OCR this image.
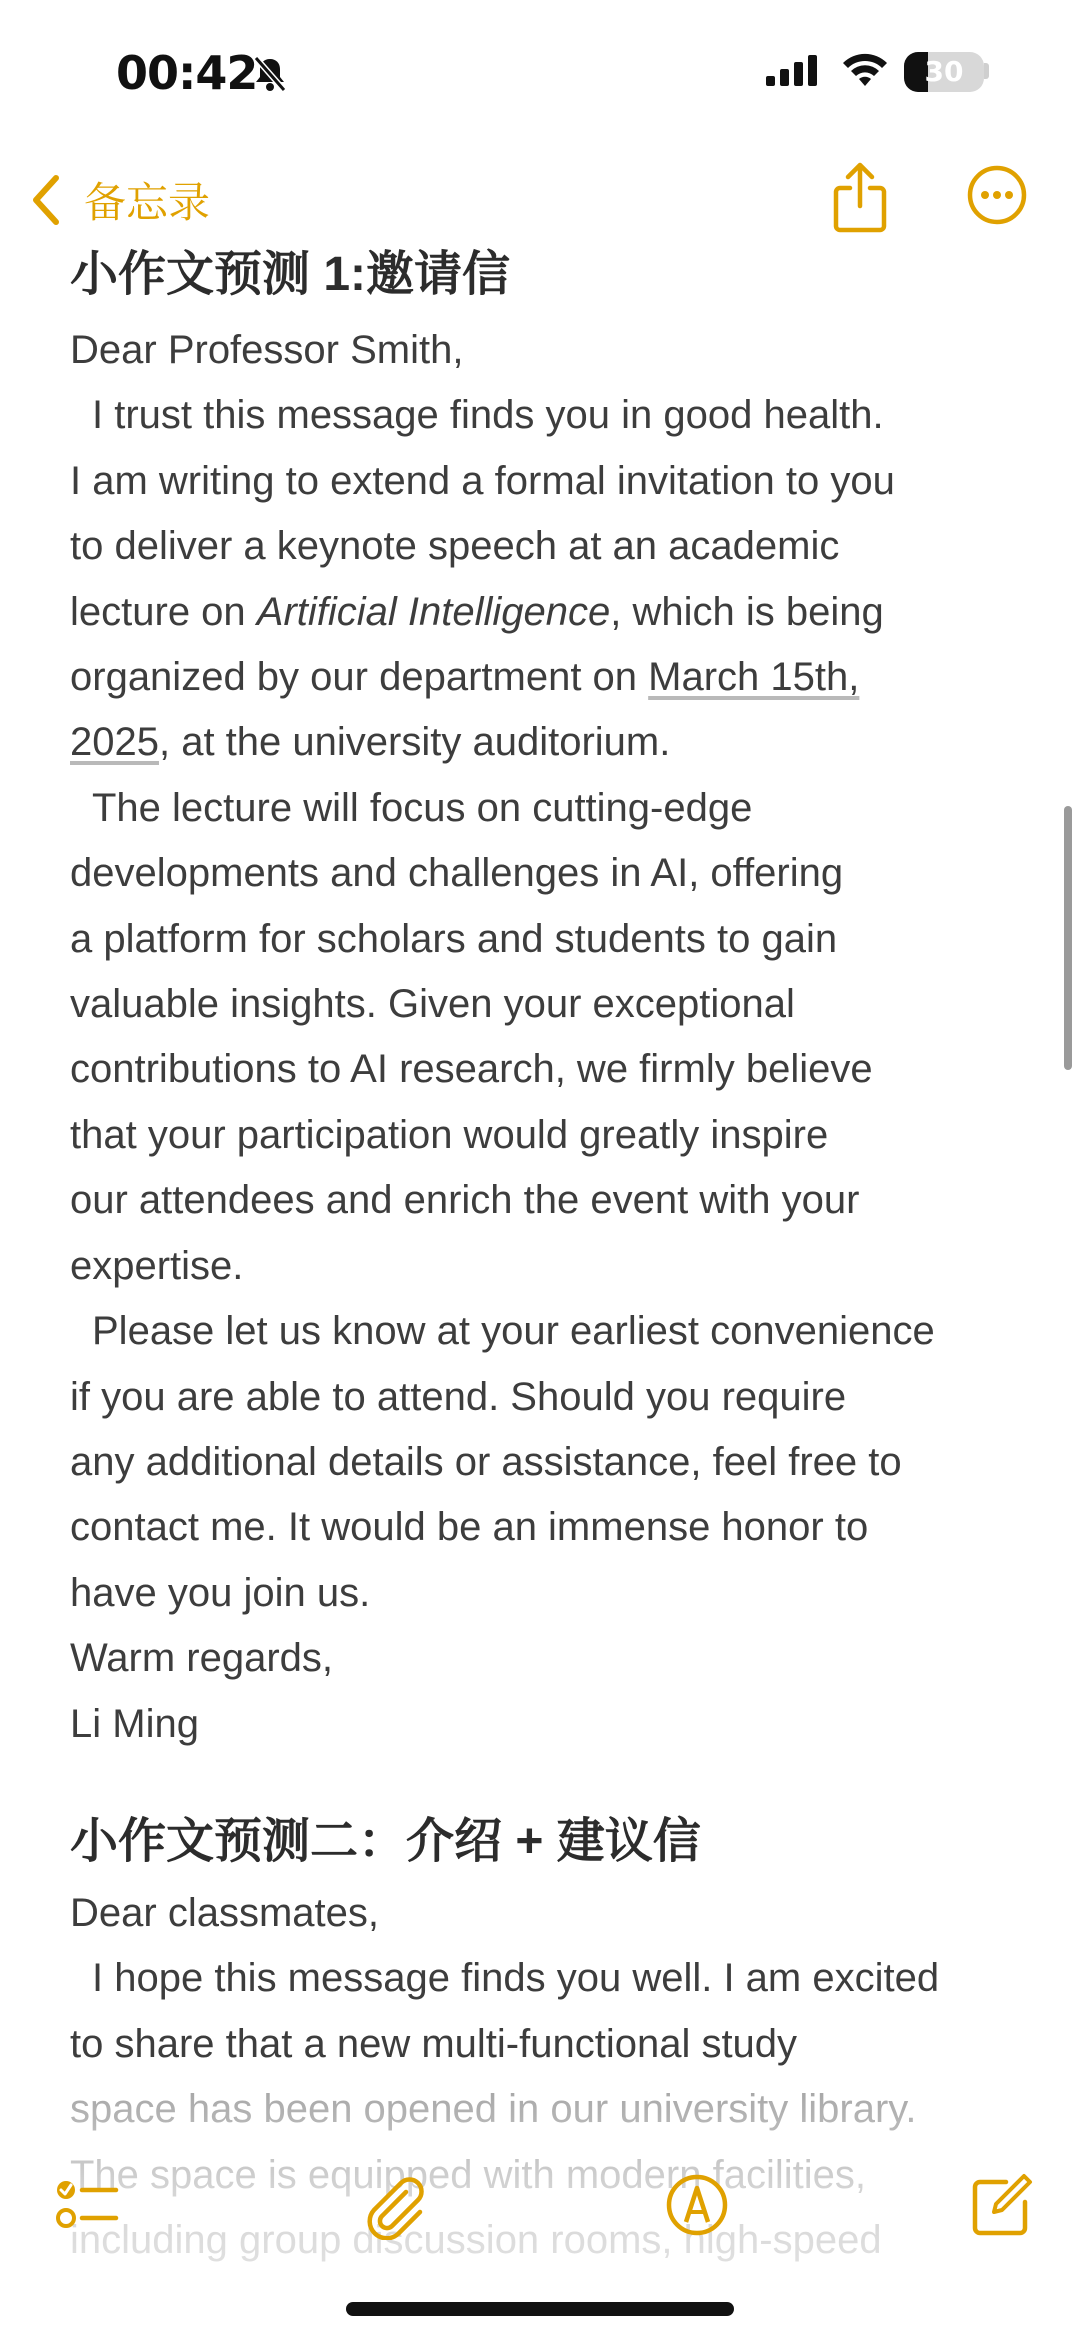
00:42	30
备忘录

小作文预测 1:邀请信

Dear Professor Smith,
I trust this message finds you in good health.
I am writing to extend a formal invitation to you
to deliver a keynote speech at an academic
lecture on Artificial Intelligence, which is being
organized by our department on March 15th,
2025, at the university auditorium.
The lecture will focus on cutting-edge
developments and challenges in AI, offering
a platform for scholars and students to gain
valuable insights. Given your exceptional
contributions to AI research, we firmly believe
that your participation would greatly inspire
our attendees and enrich the event with your
expertise.
Please let us know at your earliest convenience
if you are able to attend. Should you require
any additional details or assistance, feel free to
contact me. It would be an immense honor to
have you join us.
Warm regards,
Li Ming

小作文预测二：介绍 + 建议信

Dear classmates,
I hope this message finds you well. I am excited
to share that a new multi-functional study
